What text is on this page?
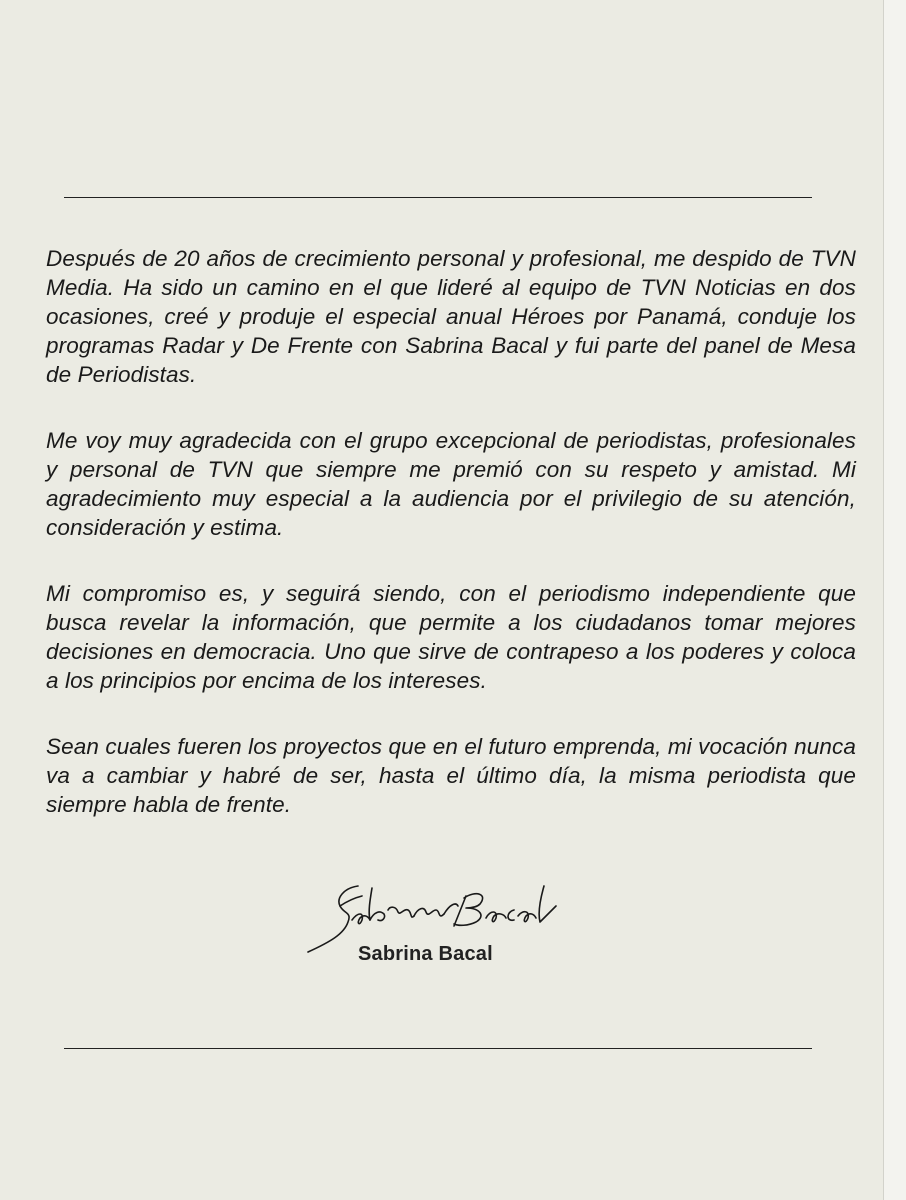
Después de 20 años de crecimiento personal y profesional, me despido de TVN Media. Ha sido un camino en el que lideré al equipo de TVN Noticias en dos ocasiones, creé y produje el especial anual Héroes por Panamá, conduje los programas Radar y De Frente con Sabrina Bacal y fui parte del panel de Mesa de Periodistas.

Me voy muy agradecida con el grupo excepcional de periodistas, profesionales y personal de TVN que siempre me premió con su respeto y amistad. Mi agradecimiento muy especial a la audiencia por el privilegio de su atención, consideración y estima.

Mi compromiso es, y seguirá siendo, con el periodismo independiente que busca revelar la información, que permite a los ciudadanos tomar mejores decisiones en democracia. Uno que sirve de contrapeso a los poderes y coloca a los principios por encima de los intereses.

Sean cuales fueren los proyectos que en el futuro emprenda, mi vocación nunca va a cambiar y habré de ser, hasta el último día, la misma periodista que siempre habla de frente.

Sabrina Bacal
